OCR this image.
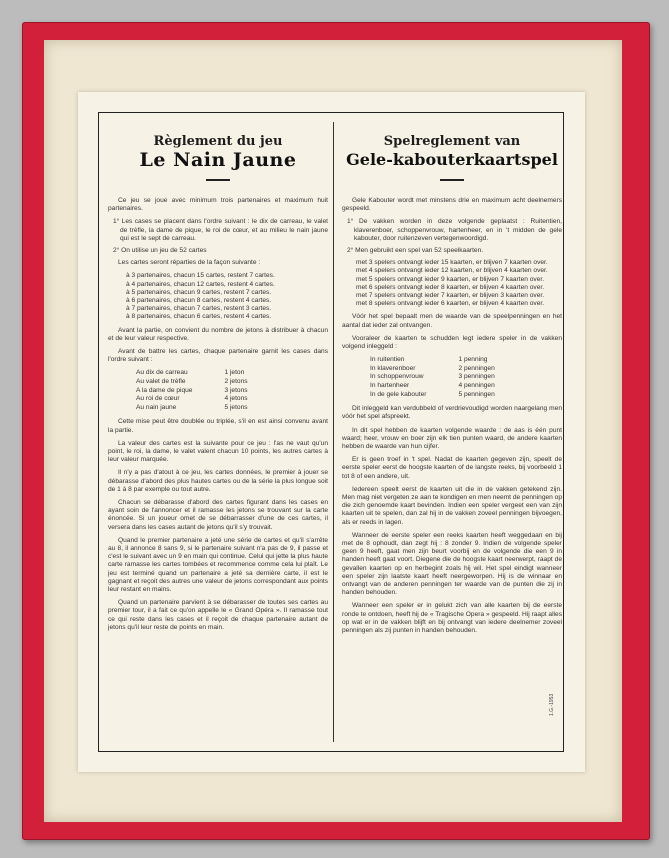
Règlement du jeu
Le Nain Jaune

Ce jeu se joue avec minimum trois partenaires et maximum huit partenaires.

1° Les cases se placent dans l'ordre suivant : le dix de carreau, le valet de trèfle, la dame de pique, le roi de cœur, et au milieu le nain jaune qui est le sept de carreau.

2° On utilise un jeu de 52 cartes

Les cartes seront réparties de la façon suivante :

à 3 partenaires, chacun 15 cartes, restent 7 cartes.
à 4 partenaires, chacun 12 cartes, restent 4 cartes.
à 5 partenaires, chacun 9 cartes, restent 7 cartes.
à 6 partenaires, chacun 8 cartes, restent 4 cartes.
à 7 partenaires, chacun 7 cartes, restent 3 cartes.
à 8 partenaires, chacun 6 cartes, restent 4 cartes.

Avant la partie, on convient du nombre de jetons à distribuer à chacun et de leur valeur respective.

Avant de battre les cartes, chaque partenaire garnit les cases dans l'ordre suivant :

Au dix de carreau	1 jeton
Au valet de trèfle	2 jetons
A la dame de pique	3 jetons
Au roi de cœur	4 jetons
Au nain jaune	5 jetons

Cette mise peut être doublée ou triplée, s'il en est ainsi convenu avant la partie.

La valeur des cartes est la suivante pour ce jeu : l'as ne vaut qu'un point, le roi, la dame, le valet valent chacun 10 points, les autres cartes à leur valeur marquée.

Il n'y a pas d'atout à ce jeu, les cartes données, le premier à jouer se débarasse d'abord des plus hautes cartes ou de la série la plus longue soit de 1 à 8 par exemple ou tout autre.

Chacun se débarasse d'abord des cartes figurant dans les cases en ayant soin de l'annoncer et il ramasse les jetons se trouvant sur la carte énoncée. Si un joueur omet de se débarrasser d'une de ces cartes, il versera dans les cases autant de jetons qu'il s'y trouvait.

Quand le premier partenaire a jeté une série de cartes et qu'il s'arrête au 8, il annonce 8 sans 9, si le partenaire suivant n'a pas de 9, il passe et c'est le suivant avec un 9 en main qui continue. Celui qui jette la plus haute carte ramasse les cartes tombées et recommence comme cela lui plaît. Le jeu est terminé quand un partenaire a jeté sa dernière carte, il est le gagnant et reçoit des autres une valeur de jetons correspondant aux points leur restant en mains.

Quand un partenaire parvient à se débarasser de toutes ses cartes au premier tour, il a fait ce qu'on appelle le « Grand Opéra ». Il ramasse tout ce qui reste dans les cases et il reçoit de chaque partenaire autant de jetons qu'il leur reste de points en main.

Spelreglement van
Gele-kabouterkaartspel

Gele Kabouter wordt met minstens drie en maximum acht deelnemers gespeeld.

1° De vakken worden in deze volgende geplaatst : Ruitentien, klaverenboer, schoppenvrouw, hartenheer, en in 't midden de gele kabouter, door ruitenzeven vertegenwoordigd.

2° Men gebruikt een spel van 52 speelkaarten.

met 3 spelers ontvangt ieder 15 kaarten, er blijven 7 kaarten over.
met 4 spelers ontvangt ieder 12 kaarten, er blijven 4 kaarten over.
met 5 spelers ontvangt ieder 9 kaarten, er blijven 7 kaarten over.
met 6 spelers ontvangt ieder 8 kaarten, er blijven 4 kaarten over.
met 7 spelers ontvangt ieder 7 kaarten, er blijven 3 kaarten over.
met 8 spelers ontvangt ieder 6 kaarten, er blijven 4 kaarten over.

Vóór het spel bepaalt men de waarde van de speelpenningen en het aantal dat ieder zal ontvangen.

Vooraleer de kaarten te schudden legt iedere speler in de vakken volgend inleggeld :

In ruitentien	1 penning
In klaverenboer	2 penningen
In schoppenvrouw	3 penningen
In hartenheer	4 penningen
In de gele kabouter	5 penningen

Dit inleggeld kan verdubbeld of verdrievoudigd worden naargelang men vóór het spel afspreekt.

In dit spel hebben de kaarten volgende waarde : de aas is één punt waard; heer, vrouw en boer zijn elk tien punten waard, de andere kaarten hebben de waarde van hun cijfer.

Er is geen troef in 't spel. Nadat de kaarten gegeven zijn, speelt de eerste speler eerst de hoogste kaarten of de langste reeks, bij voorbeeld 1 tot 8 of een andere, uit.

Iedereen speelt eerst de kaarten uit die in de vakken getekend zijn. Men mag niet vergeten ze aan te kondigen en men neemt de penningen op die zich genoemde kaart bevinden. Indien een speler vergeet een van zijn kaarten uit te spelen, dan zal hij in de vakken zoveel penningen bijvoegen, als er reeds in lagen.

Wanneer de eerste speler een reeks kaarten heeft weggedaan en bij met de 8 ophoudt, dan zegt hij : 8 zonder 9. Indien de volgende speler geen 9 heeft, gaat men zijn beurt voorbij en de volgende die een 9 in handen heeft gaat voort. Diegene die de hoogste kaart neerwerpt, raapt de gevallen kaarten op en herbegint zoals hij wil. Het spel eindigt wanneer een speler zijn laatste kaart heeft neergeworpen. Hij is de winnaar en ontvangt van de anderen penningen ter waarde van de punten die zij in handen behouden.

Wanneer een speler er in gelukt zich van alle kaarten bij de eerste ronde te ontdoen, heeft hij de « Tragische Opera » gespeeld. Hij raapt alles op wat er in de vakken blijft en bij ontvangt van iedere deelnemer zoveel penningen als zij punten in handen behouden.

1.G.-1953
